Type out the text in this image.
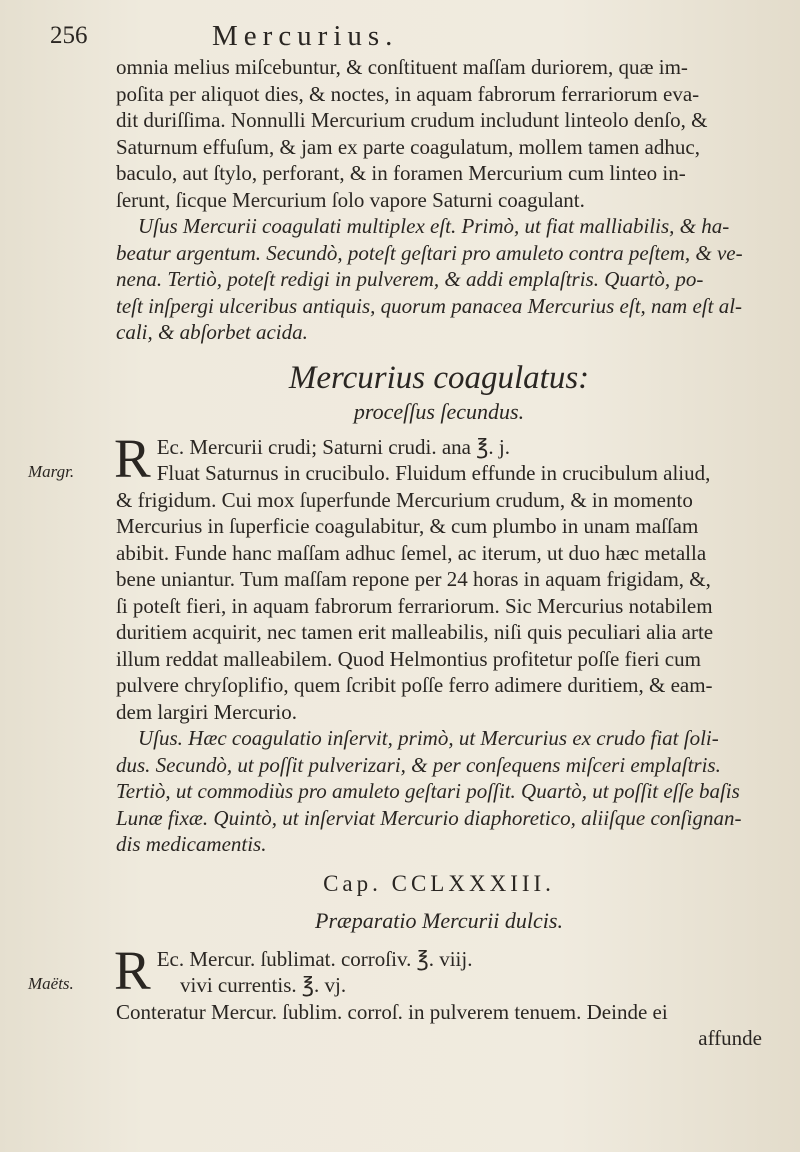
256	Mercurius.

omnia melius miſcebuntur, & conſtituent maſſam duriorem, quæ im-

poſita per aliquot dies, & noctes, in aquam fabrorum ferrariorum eva-

dit duriſſima. Nonnulli Mercurium crudum includunt linteolo denſo, &

Saturnum effuſum, & jam ex parte coagulatum, mollem tamen adhuc,

baculo, aut ſtylo, perforant, & in foramen Mercurium cum linteo in-

ſerunt, ſicque Mercurium ſolo vapore Saturni coagulant.

Uſus Mercurii coagulati multiplex eſt. Primò, ut fiat malliabilis, & ha-

beatur argentum. Secundò, poteſt geſtari pro amuleto contra peſtem, & ve-

nena. Tertiò, poteſt redigi in pulverem, & addi emplaſtris. Quartò, po-

teſt inſpergi ulceribus antiquis, quorum panacea Mercurius eſt, nam eſt al-

cali, & abſorbet acida.

Mercurius coagulatus:
proceſſus ſecundus.
Margr. R Ec. Mercurii crudi; Saturni crudi. ana ℥. j.

Fluat Saturnus in crucibulo. Fluidum effunde in crucibulum aliud,

& frigidum. Cui mox ſuperfunde Mercurium crudum, & in momento

Mercurius in ſuperficie coagulabitur, & cum plumbo in unam maſſam

abibit. Funde hanc maſſam adhuc ſemel, ac iterum, ut duo hæc metalla

bene uniantur. Tum maſſam repone per 24 horas in aquam frigidam, &,

ſi poteſt fieri, in aquam fabrorum ferrariorum. Sic Mercurius notabilem

duritiem acquirit, nec tamen erit malleabilis, niſi quis peculiari alia arte

illum reddat malleabilem. Quod Helmontius profitetur poſſe fieri cum

pulvere chryſoplifio, quem ſcribit poſſe ferro adimere duritiem, & eam-

dem largiri Mercurio.

Uſus. Hæc coagulatio inſervit, primò, ut Mercurius ex crudo fiat ſoli-

dus. Secundò, ut poſſit pulverizari, & per conſequens miſceri emplaſtris.

Tertiò, ut commodiùs pro amuleto geſtari poſſit. Quartò, ut poſſit eſſe baſis

Lunæ fixæ. Quintò, ut inſerviat Mercurio diaphoretico, aliiſque conſignan-

dis medicamentis.

Cap. CCLXXXIII.
Præparatio Mercurii dulcis.
Maëts. R Ec. Mercur. ſublimat. corroſiv. ℥. viij.

vivi currentis. ℥. vj.

Conteratur Mercur. ſublim. corroſ. in pulverem tenuem. Deinde ei

affunde
